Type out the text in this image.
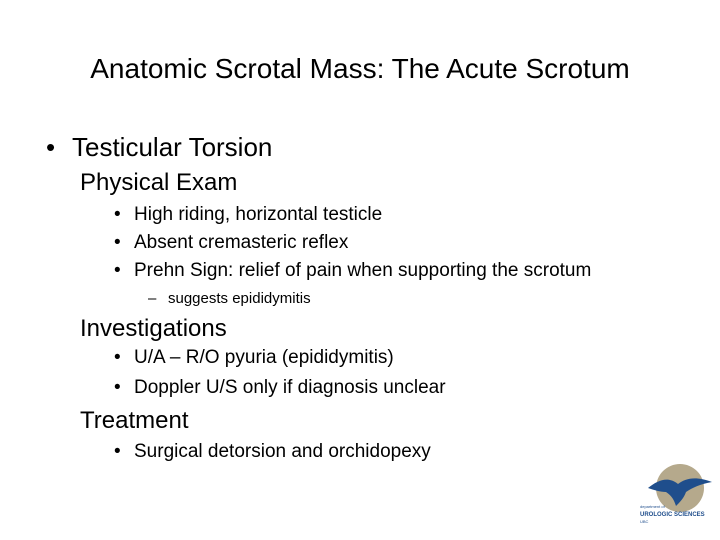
Anatomic Scrotal Mass: The Acute Scrotum
• Testicular Torsion
Physical Exam
• High riding, horizontal testicle
• Absent cremasteric reflex
• Prehn Sign: relief of pain when supporting the scrotum
– suggests epididymitis
Investigations
• U/A – R/O pyuria (epididymitis)
• Doppler U/S only if diagnosis unclear
Treatment
• Surgical detorsion and orchidopexy
department of
UROLOGIC SCIENCES
UBC
